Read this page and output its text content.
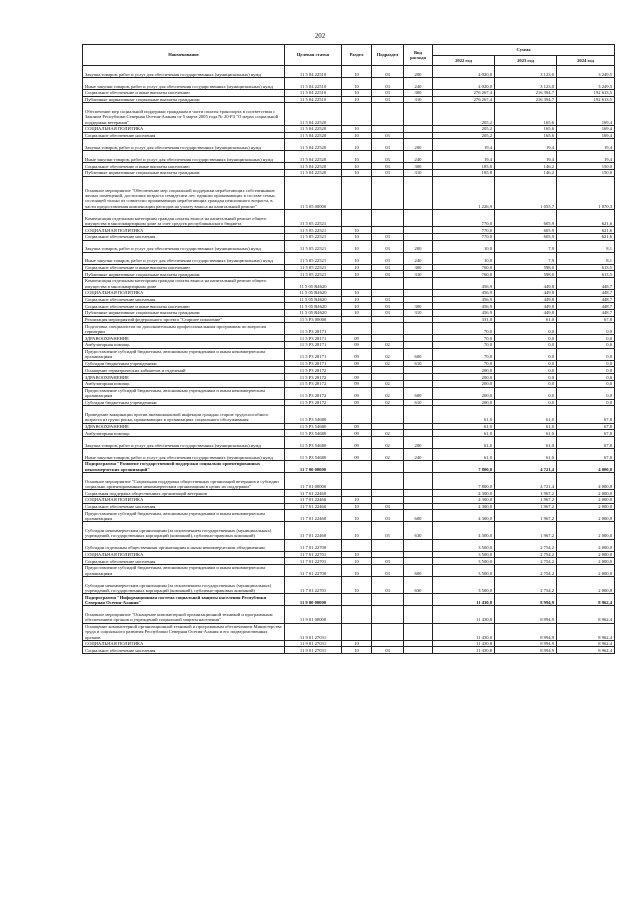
202
Наименование	Целевая статья	Раздел	Подраздел	Вид расхода	Сумма		
					2022 год	2023 год	2024 год
Закупка товаров, работ и услуг для обеспечения государственных (муниципальных) нужд	11 5 04 22510	10	03	200	4 020,0	3 123,0	3 249,5
Иные закупки товаров, работ и услуг для обеспечения государственных (муниципальных) нужд	11 5 04 22510	10	03	240	4 020,0	3 123,0	3 249,5
Социальное обеспечение и иные выплаты населению	11 5 04 22510	10	03	300	276 267,4	216 394,7	192 613,5
Публичные нормативные социальные выплаты гражданам	11 5 04 22510	10	03	310	276 267,4	216 394,7	192 613,5
Обеспечение мер социальной поддержки гражданам в части оплаты транспорта в соответствии с Законом Республики Северная Осетия-Алания от 5 марта 2005 года № 20-РЗ "О мерах социальной поддержки ветеранов"	11 5 04 22520				205,2	165,6	169,4
СОЦИАЛЬНАЯ ПОЛИТИКА	11 5 04 22520	10			205,2	165,6	169,4
Социальное обеспечение населения	11 5 04 22520	10	03		205,2	165,6	169,4
Закупка товаров, работ и услуг для обеспечения государственных (муниципальных) нужд	11 5 04 22520	10	03	200	19,4	19,4	19,4
Иные закупки товаров, работ и услуг для обеспечения государственных (муниципальных) нужд	11 5 04 22520	10	03	240	19,4	19,4	19,4
Социальное обеспечение и иные выплаты населению	11 5 04 22520	10	03	300	185,8	146,2	150,0
Публичные нормативные социальные выплаты гражданам	11 5 04 22520	10	03	310	185,8	146,2	150,0
Основное мероприятие "Обеспечение мер социальной поддержки неработающих собственников жилых помещений, достигших возраста семидесяти лет, одиноко проживающих в составе семьи, состоящей только из совместно проживающих неработающих граждан пенсионного возраста, в части предоставления компенсации расходов на уплату взноса на капитальный ремонт"	11 5 05 00000				1 226,9	1 055,7	1 070,3
Компенсация отдельным категориям граждан оплаты взноса на капитальный ремонт общего имущества в многоквартирном доме за счет средств республиканского бюджета	11 5 05 22521				770,0	605,9	621,6
СОЦИАЛЬНАЯ ПОЛИТИКА	11 5 05 22521	10			770,0	605,9	621,6
Социальное обеспечение населения	11 5 05 22521	10	03		770,0	605,9	621,6
Закупка товаров, работ и услуг для обеспечения государственных (муниципальных) нужд	11 5 05 22521	10	03	200	10,0	7,9	8,1
Иные закупки товаров, работ и услуг для обеспечения государственных (муниципальных) нужд	11 5 05 22521	10	03	240	10,0	7,9	8,1
Социальное обеспечение и иные выплаты населению	11 5 05 22521	10	03	300	760,0	598,0	613,5
Публичные нормативные социальные выплаты гражданам	11 5 05 22521	10	03	310	760,0	598,0	613,5
Компенсация отдельным категориям граждан оплаты взноса на капитальный ремонт общего имущества в многоквартирном доме	11 5 05 R4620				456,9	449,8	448,7
СОЦИАЛЬНАЯ ПОЛИТИКА	11 5 05 R4620	10			456,9	449,8	448,7
Социальное обеспечение населения	11 5 05 R4620	10	03		456,9	449,8	448,7
Социальное обеспечение и иные выплаты населению	11 5 05 R4620	10	03	300	456,9	449,8	448,7
Публичные нормативные социальные выплаты гражданам	11 5 05 R4620	10	03	310	456,9	449,8	448,7
Реализация мероприятий федерального проекта "Старшее поколение"	11 5 P3 00000				331,0	61,0	67,8
Подготовка специалистов по дополнительным профессиональным программам по вопросам гериатрии	11 5 P3 28171				70,0	0,0	0,0
ЗДРАВООХРАНЕНИЕ	11 5 P3 28171	09			70,0	0,0	0,0
Амбулаторная помощь	11 5 P3 28171	09	02		70,0	0,0	0,0
Предоставление субсидий бюджетным, автономным учреждениям и иным некоммерческим организациям	11 5 P3 28171	09	02	600	70,0	0,0	0,0
Субсидии бюджетным учреждениям	11 5 P3 28171	09	02	610	70,0	0,0	0,0
Оснащение гериатрических кабинетов и отделений	11 5 P3 28172				200,0	0,0	0,0
ЗДРАВООХРАНЕНИЕ	11 5 P3 28172	09			200,0	0,0	0,0
Амбулаторная помощь	11 5 P3 28172	09	02		200,0	0,0	0,0
Предоставление субсидий бюджетным, автономным учреждениям и иным некоммерческим организациям	11 5 P3 28172	09	02	600	200,0	0,0	0,0
Субсидии бюджетным учреждениям	11 5 P3 28172	09	02	610	200,0	0,0	0,0
Проведение вакцинации против пневмококковой инфекции граждан старше трудоспособного возраста из групп риска, проживающих в организациях социального обслуживания	11 5 P3 54680				61,0	61,0	67,8
ЗДРАВООХРАНЕНИЕ	11 5 P3 54680	09			61,0	61,0	67,8
Амбулаторная помощь	11 5 P3 54680	09	02		61,0	61,0	67,8
Закупка товаров, работ и услуг для обеспечения государственных (муниципальных) нужд	11 5 P3 54680	09	02	200	61,0	61,0	67,8
Иные закупки товаров, работ и услуг для обеспечения государственных (муниципальных) нужд	11 5 P3 54680	09	02	240	61,0	61,0	67,8
Подпрограмма "Развитие государственной поддержки социально ориентированных некоммерческих организаций"	11 7 00 00000				7 800,0	4 721,4	4 000,0
Основное мероприятие "Социальная поддержка общественных организаций ветеранов и субсидии социально ориентированным некоммерческим организациям в целях их поддержки"	11 7 01 00000				7 800,0	4 721,4	4 000,0
Социальная поддержка общественных организаций ветеранов	11 7 01 22460				4 300,0	1 967,2	2 000,0
СОЦИАЛЬНАЯ ПОЛИТИКА	11 7 01 22460	10			4 300,0	1 967,2	2 000,0
Социальное обеспечение населения	11 7 01 22460	10	03		4 300,0	1 967,2	2 000,0
Предоставление субсидий бюджетным, автономным учреждениям и иным некоммерческим организациям	11 7 01 22460	10	03	600	4 300,0	1 967,2	2 000,0
Субсидии некоммерческим организациям (за исключением государственных (муниципальных) учреждений, государственных корпораций (компаний), публично-правовых компаний)	11 7 01 22460	10	03	630	4 300,0	1 967,2	2 000,0
Субсидии отдельным общественным организациям и иным некоммерческим объединениям	11 7 01 22700				3 500,0	2 754,2	2 000,0
СОЦИАЛЬНАЯ ПОЛИТИКА	11 7 01 22701	10			3 500,0	2 754,2	2 000,0
Социальное обеспечение населения	11 7 01 22701	10	03		3 500,0	2 754,2	2 000,0
Предоставление субсидий бюджетным, автономным учреждениям и иным некоммерческим организациям	11 7 01 22700	10	03	600	3 500,0	2 754,2	2 000,0
Субсидии некоммерческим организациям (за исключением государственных (муниципальных) учреждений, государственных корпораций (компаний), публично-правовых компаний)	11 7 01 22701	10	03	630	3 500,0	2 754,2	2 000,0
Подпрограмма "Информационная система социальной защиты населения Республики Северная Осетия-Алания"	11 9 00 00000				11 430,8	8 994,9	8 962,4
Основное мероприятие "Оснащение компьютерной организационной техникой и программным обеспечением органов и учреждений социальной защиты населения"	11 9 01 00000				11 430,8	8 994,9	8 962,4
Оснащение компьютерной организационной техникой и программным обеспечением Министерства труда и социального развития Республики Северная Осетия-Алания и его подведомственных органов	11 9 01 27031				11 430,8	8 994,9	8 962,4
СОЦИАЛЬНАЯ ПОЛИТИКА	11 9 01 27031	10			11 430,8	8 994,9	8 962,4
Социальное обеспечение населения	11 9 01 27031	10	03		11 430,8	8 994,9	8 962,4
